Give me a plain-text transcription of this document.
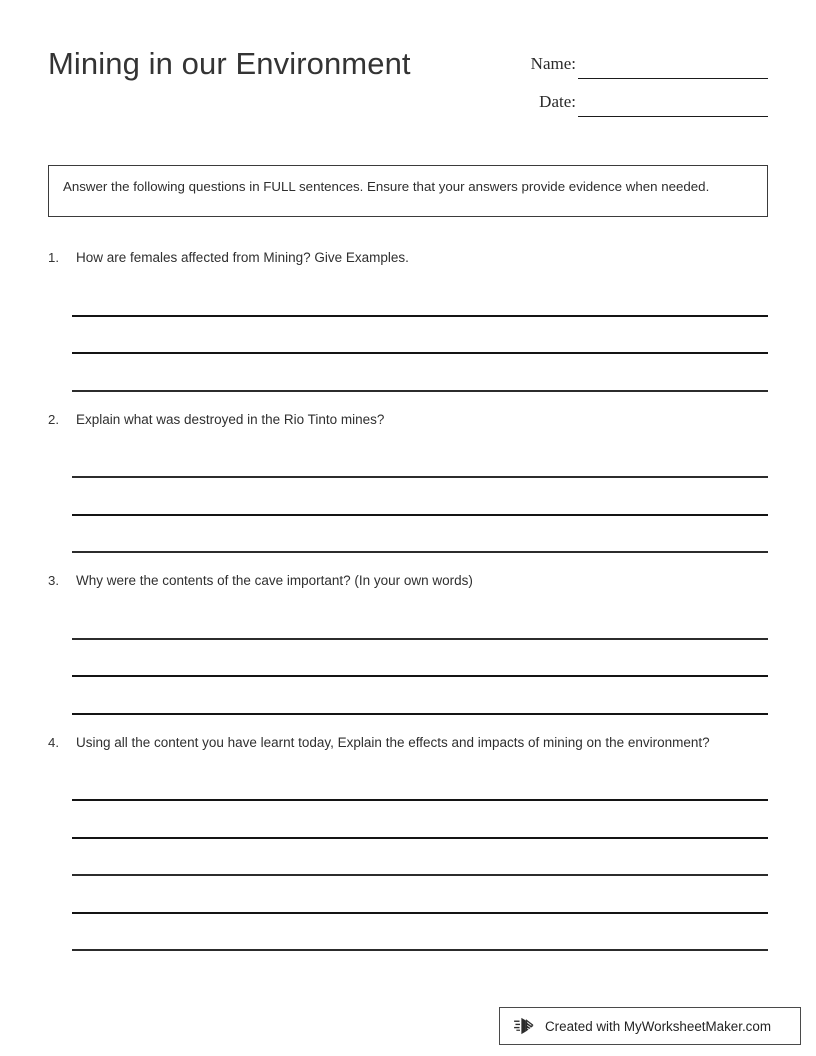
Mining in our Environment	Name:
Date:
Answer the following questions in FULL sentences. Ensure that your answers provide evidence when needed.
1. How are females affected from Mining? Give Examples.
2. Explain what was destroyed in the Rio Tinto mines?
3. Why were the contents of the cave important? (In your own words)
4. Using all the content you have learnt today, Explain the effects and impacts of mining on the environment?
Created with MyWorksheetMaker.com
